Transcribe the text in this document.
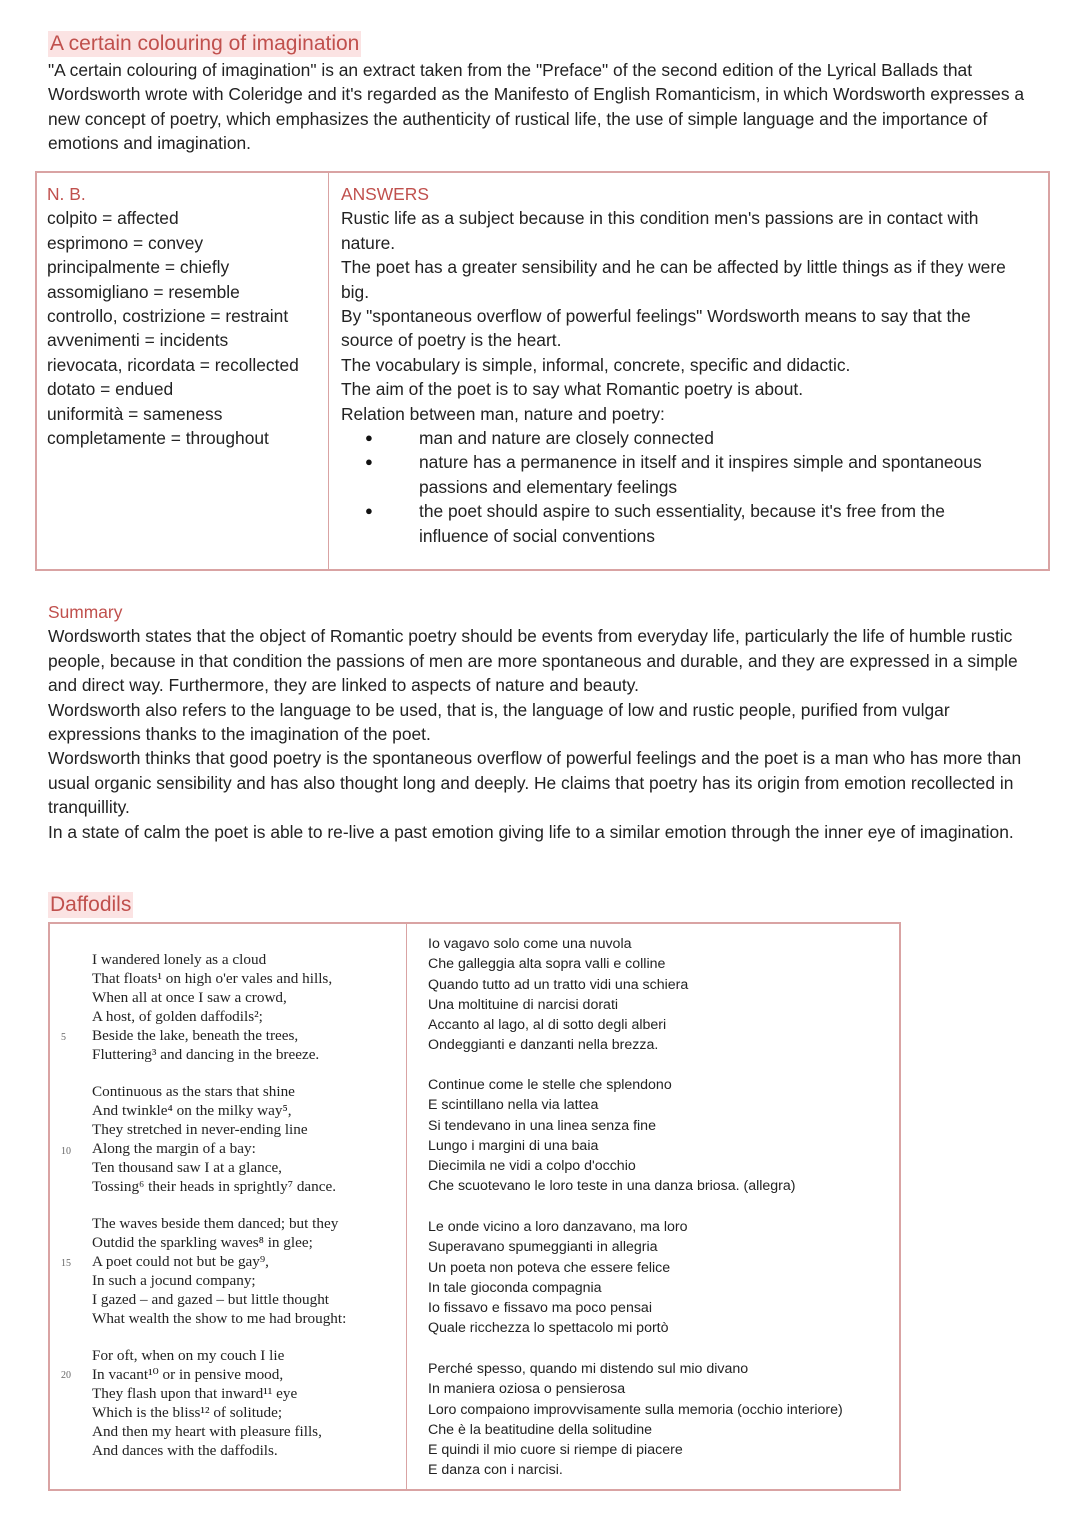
A certain colouring of imagination

"A certain colouring of imagination" is an extract taken from the "Preface" of the second edition of the Lyrical Ballads that Wordsworth wrote with Coleridge and it's regarded as the Manifesto of English Romanticism, in which Wordsworth expresses a new concept of poetry, which emphasizes the authenticity of rustical life, the use of simple language and the importance of emotions and imagination.

N. B.
colpito = affected
esprimono = convey
principalmente = chiefly
assomigliano = resemble
controllo, costrizione = restraint
avvenimenti = incidents
rievocata, ricordata = recollected
dotato = endued
uniformità = sameness
completamente = throughout
ANSWERS
Rustic life as a subject because in this condition men's passions are in contact with nature.
The poet has a greater sensibility and he can be affected by little things as if they were big.
By "spontaneous overflow of powerful feelings" Wordsworth means to say that the source of poetry is the heart.
The vocabulary is simple, informal, concrete, specific and didactic.
The aim of the poet is to say what Romantic poetry is about.
Relation between man, nature and poetry:
● man and nature are closely connected
● nature has a permanence in itself and it inspires simple and spontaneous passions and elementary feelings
● the poet should aspire to such essentiality, because it's free from the influence of social conventions

Summary

Wordsworth states that the object of Romantic poetry should be events from everyday life, particularly the life of humble rustic people, because in that condition the passions of men are more spontaneous and durable, and they are expressed in a simple and direct way. Furthermore, they are linked to aspects of nature and beauty.

Wordsworth also refers to the language to be used, that is, the language of low and rustic people, purified from vulgar expressions thanks to the imagination of the poet.

Wordsworth thinks that good poetry is the spontaneous overflow of powerful feelings and the poet is a man who has more than usual organic sensibility and has also thought long and deeply. He claims that poetry has its origin from emotion recollected in tranquillity.

In a state of calm the poet is able to re-live a past emotion giving life to a similar emotion through the inner eye of imagination.

Daffodils
I wandered lonely as a cloud
That floats¹ on high o'er vales and hills,
When all at once I saw a crowd,
A host, of golden daffodils²;
Beside the lake, beneath the trees,
Fluttering³ and dancing in the breeze.
5
Continuous as the stars that shine
And twinkle⁴ on the milky way⁵,
They stretched in never-ending line
Along the margin of a bay:
Ten thousand saw I at a glance,
Tossing⁶ their heads in sprightly⁷ dance.
10
The waves beside them danced; but they
Outdid the sparkling waves⁸ in glee;
A poet could not but be gay⁹,
In such a jocund company;
I gazed – and gazed – but little thought
What wealth the show to me had brought:
15
For oft, when on my couch I lie
In vacant¹⁰ or in pensive mood,
They flash upon that inward¹¹ eye
Which is the bliss¹² of solitude;
And then my heart with pleasure fills,
And dances with the daffodils.
20
Io vagavo solo come una nuvola
Che galleggia alta sopra valli e colline
Quando tutto ad un tratto vidi una schiera
Una moltituine di narcisi dorati
Accanto al lago, al di sotto degli alberi
Ondeggianti e danzanti nella brezza.
Continue come le stelle che splendono
E scintillano nella via lattea
Si tendevano in una linea senza fine
Lungo i margini di una baia
Diecimila ne vidi a colpo d'occhio
Che scuotevano le loro teste in una danza briosa. (allegra)
Le onde vicino a loro danzavano, ma loro
Superavano spumeggianti in allegria
Un poeta non poteva che essere felice
In tale gioconda compagnia
Io fissavo e fissavo ma poco pensai
Quale ricchezza lo spettacolo mi portò
Perché spesso, quando mi distendo sul mio divano
In maniera oziosa o pensierosa
Loro compaiono improvvisamente sulla memoria (occhio interiore)
Che è la beatitudine della solitudine
E quindi il mio cuore si riempe di piacere
E danza con i narcisi.
